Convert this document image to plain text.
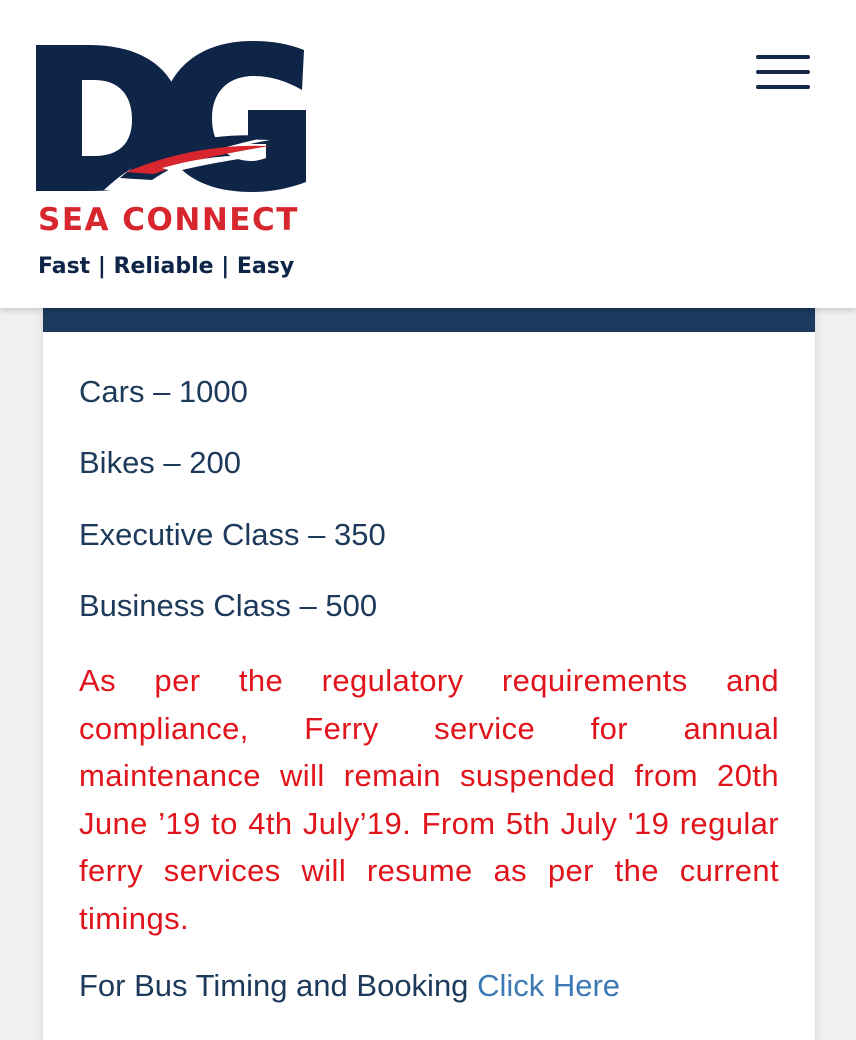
SEA CONNECT
Fast | Reliable | Easy

Cars – 1000

Bikes – 200

Executive Class – 350

Business Class – 500

As per the regulatory requirements and compliance, Ferry service for annual maintenance will remain suspended from 20th June ’19 to 4th July’19. From 5th July '19 regular ferry services will resume as per the current timings.

For Bus Timing and Booking Click Here
